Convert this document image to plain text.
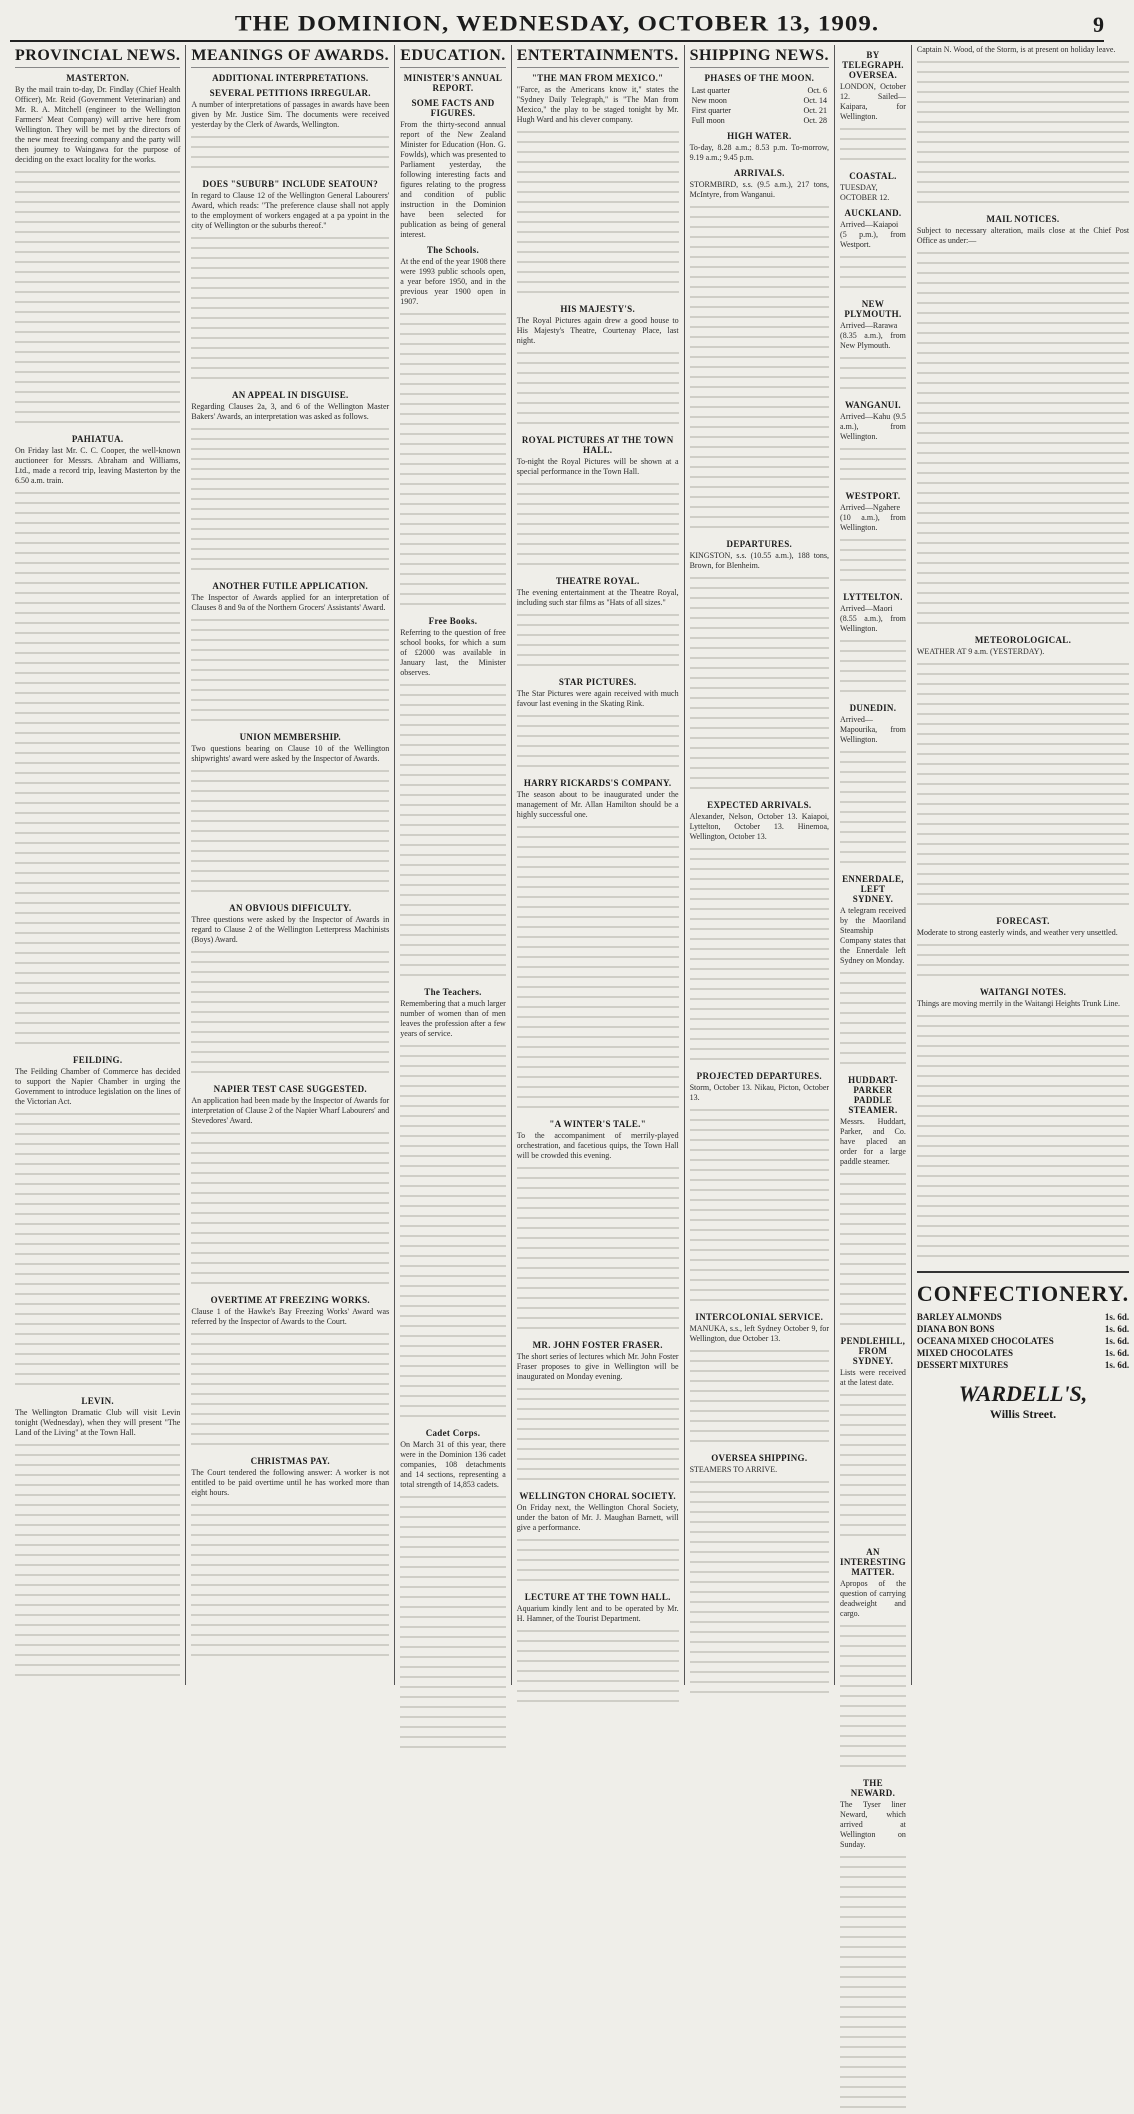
THE DOMINION, WEDNESDAY, OCTOBER 13, 1909.	9
PROVINCIAL NEWS.
MASTERTON.

By the mail train to-day, Dr. Findlay (Chief Health Officer), Mr. Reid (Government Veterinarian) and Mr. R. A. Mitchell (engineer to the Wellington Farmers' Meat Company) will arrive here from Wellington. They will be met by the directors of the new meat freezing company and the party will then journey to Waingawa for the purpose of deciding on the exact locality for the works.

PAHIATUA.

On Friday last Mr. C. C. Cooper, the well-known auctioneer for Messrs. Abraham and Williams, Ltd., made a record trip, leaving Masterton by the 6.50 a.m. train.

FEILDING.

The Feilding Chamber of Commerce has decided to support the Napier Chamber in urging the Government to introduce legislation on the lines of the Victorian Act.

LEVIN.

The Wellington Dramatic Club will visit Levin tonight (Wednesday), when they will present "The Land of the Living" at the Town Hall.

MEANINGS OF AWARDS.
ADDITIONAL INTERPRETATIONS.
SEVERAL PETITIONS IRREGULAR.

A number of interpretations of passages in awards have been given by Mr. Justice Sim. The documents were received yesterday by the Clerk of Awards, Wellington.

DOES "SUBURB" INCLUDE SEATOUN?

In regard to Clause 12 of the Wellington General Labourers' Award, which reads: "The preference clause shall not apply to the employment of workers engaged at a pa ypoint in the city of Wellington or the suburbs thereof."

AN APPEAL IN DISGUISE.

Regarding Clauses 2a, 3, and 6 of the Wellington Master Bakers' Awards, an interpretation was asked as follows.

ANOTHER FUTILE APPLICATION.

The Inspector of Awards applied for an interpretation of Clauses 8 and 9a of the Northern Grocers' Assistants' Award.

UNION MEMBERSHIP.

Two questions bearing on Clause 10 of the Wellington shipwrights' award were asked by the Inspector of Awards.

AN OBVIOUS DIFFICULTY.

Three questions were asked by the Inspector of Awards in regard to Clause 2 of the Wellington Letterpress Machinists (Boys) Award.

NAPIER TEST CASE SUGGESTED.

An application had been made by the Inspector of Awards for interpretation of Clause 2 of the Napier Wharf Labourers' and Stevedores' Award.

OVERTIME AT FREEZING WORKS.

Clause 1 of the Hawke's Bay Freezing Works' Award was referred by the Inspector of Awards to the Court.

CHRISTMAS PAY.

The Court tendered the following answer: A worker is not entitled to be paid overtime until he has worked more than eight hours.

EDUCATION.
MINISTER'S ANNUAL REPORT.
SOME FACTS AND FIGURES.

From the thirty-second annual report of the New Zealand Minister for Education (Hon. G. Fowlds), which was presented to Parliament yesterday, the following interesting facts and figures relating to the progress and condition of public instruction in the Dominion have been selected for publication as being of general interest.

The Schools.

At the end of the year 1908 there were 1993 public schools open, a year before 1950, and in the previous year 1900 open in 1907.

Free Books.

Referring to the question of free school books, for which a sum of £2000 was available in January last, the Minister observes.

The Teachers.

Remembering that a much larger number of women than of men leaves the profession after a few years of service.

Cadet Corps.

On March 31 of this year, there were in the Dominion 136 cadet companies, 108 detachments and 14 sections, representing a total strength of 14,853 cadets.

ENTERTAINMENTS.
"THE MAN FROM MEXICO."

"Farce, as the Americans know it," states the "Sydney Daily Telegraph," is "The Man from Mexico," the play to be staged tonight by Mr. Hugh Ward and his clever company.

HIS MAJESTY'S.

The Royal Pictures again drew a good house to His Majesty's Theatre, Courtenay Place, last night.

ROYAL PICTURES AT THE TOWN HALL.

To-night the Royal Pictures will be shown at a special performance in the Town Hall.

THEATRE ROYAL.

The evening entertainment at the Theatre Royal, including such star films as "Hats of all sizes."

STAR PICTURES.

The Star Pictures were again received with much favour last evening in the Skating Rink.

HARRY RICKARDS'S COMPANY.

The season about to be inaugurated under the management of Mr. Allan Hamilton should be a highly successful one.

"A WINTER'S TALE."

To the accompaniment of merrily-played orchestration, and facetious quips, the Town Hall will be crowded this evening.

MR. JOHN FOSTER FRASER.

The short series of lectures which Mr. John Foster Fraser proposes to give in Wellington will be inaugurated on Monday evening.

WELLINGTON CHORAL SOCIETY.

On Friday next, the Wellington Choral Society, under the baton of Mr. J. Maughan Barnett, will give a performance.

LECTURE AT THE TOWN HALL.

Aquarium kindly lent and to be operated by Mr. H. Hamner, of the Tourist Department.

SHIPPING NEWS.
PHASES OF THE MOON.
Last quarter	Oct. 6
New moon	Oct. 14
First quarter	Oct. 21
Full moon	Oct. 28
HIGH WATER.

To-day, 8.28 a.m.; 8.53 p.m. To-morrow, 9.19 a.m.; 9.45 p.m.

ARRIVALS.

STORMBIRD, s.s. (9.5 a.m.), 217 tons, McIntyre, from Wanganui.

DEPARTURES.

KINGSTON, s.s. (10.55 a.m.), 188 tons, Brown, for Blenheim.

EXPECTED ARRIVALS.

Alexander, Nelson, October 13. Kaiapoi, Lyttelton, October 13. Hinemoa, Wellington, October 13.

PROJECTED DEPARTURES.

Storm, October 13. Nikau, Picton, October 13.

INTERCOLONIAL SERVICE.

MANUKA, s.s., left Sydney October 9, for Wellington, due October 13.

OVERSEA SHIPPING.

STEAMERS TO ARRIVE.

BY TELEGRAPH. OVERSEA.

LONDON, October 12. Sailed—Kaipara, for Wellington.

COASTAL.

TUESDAY, OCTOBER 12.

AUCKLAND.

Arrived—Kaiapoi (5 p.m.), from Westport.

NEW PLYMOUTH.

Arrived—Rarawa (8.35 a.m.), from New Plymouth.

WANGANUI.

Arrived—Kahu (9.5 a.m.), from Wellington.

WESTPORT.

Arrived—Ngahere (10 a.m.), from Wellington.

LYTTELTON.

Arrived—Maori (8.55 a.m.), from Wellington.

DUNEDIN.

Arrived—Mapourika, from Wellington.

ENNERDALE, LEFT SYDNEY.

A telegram received by the Maoriland Steamship Company states that the Ennerdale left Sydney on Monday.

HUDDART-PARKER PADDLE STEAMER.

Messrs. Huddart, Parker, and Co. have placed an order for a large paddle steamer.

PENDLEHILL, FROM SYDNEY.

Lists were received at the latest date.

AN INTERESTING MATTER.

Apropos of the question of carrying deadweight and cargo.

THE NEWARD.

The Tyser liner Neward, which arrived at Wellington on Sunday.

Captain N. Wood, of the Storm, is at present on holiday leave.

MAIL NOTICES.

Subject to necessary alteration, mails close at the Chief Post Office as under:—

METEOROLOGICAL.

WEATHER AT 9 a.m. (YESTERDAY).

FORECAST.

Moderate to strong easterly winds, and weather very unsettled.

WAITANGI NOTES.

Things are moving merrily in the Waitangi Heights Trunk Line.

CONFECTIONERY.
BARLEY ALMONDS	1s. 6d.
DIANA BON BONS	1s. 6d.
OCEANA MIXED CHOCOLATES	1s. 6d.
MIXED CHOCOLATES	1s. 6d.
DESSERT MIXTURES	1s. 6d.
WARDELL'S,
Willis Street.
